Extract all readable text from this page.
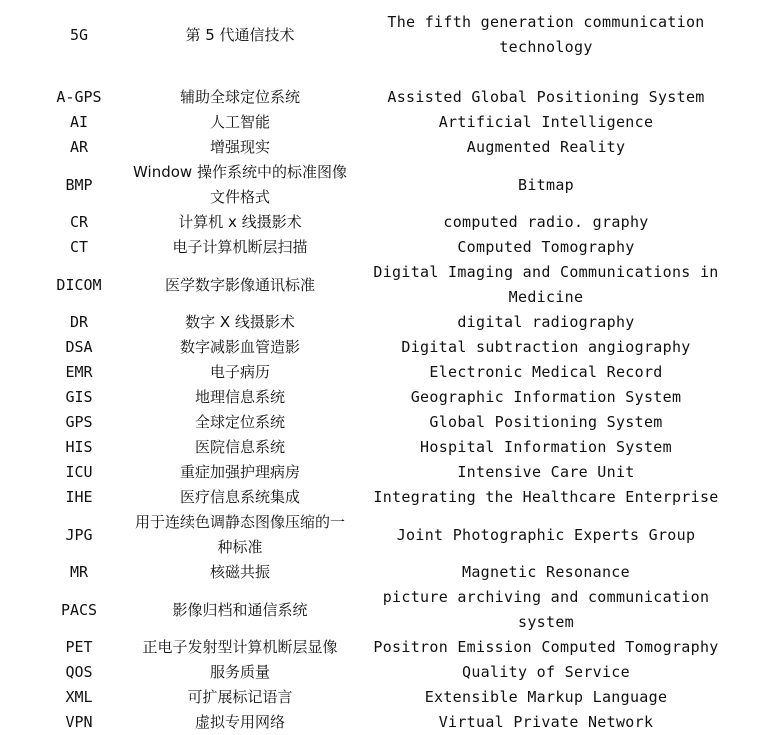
5G	第 5 代通信技术	The fifth generation communication technology

A-GPS	辅助全球定位系统	Assisted Global Positioning System
AI	人工智能	Artificial Intelligence
AR	增强现实	Augmented Reality
BMP	Window 操作系统中的标准图像文件格式	Bitmap
CR	计算机 x 线摄影术	computed radio. graphy
CT	电子计算机断层扫描	Computed Tomography
DICOM	医学数字影像通讯标准	Digital Imaging and Communications in Medicine
DR	数字 X 线摄影术	digital radiography
DSA	数字减影血管造影	Digital subtraction angiography
EMR	电子病历	Electronic Medical Record
GIS	地理信息系统	Geographic Information System
GPS	全球定位系统	Global Positioning System
HIS	医院信息系统	Hospital Information System
ICU	重症加强护理病房	Intensive Care Unit
IHE	医疗信息系统集成	Integrating the Healthcare Enterprise
JPG	用于连续色调静态图像压缩的一种标准	Joint Photographic Experts Group
MR	核磁共振	Magnetic Resonance
PACS	影像归档和通信系统	picture archiving and communication system
PET	正电子发射型计算机断层显像	Positron Emission Computed Tomography
QOS	服务质量	Quality of Service
XML	可扩展标记语言	Extensible Markup Language
VPN	虚拟专用网络	Virtual Private Network
